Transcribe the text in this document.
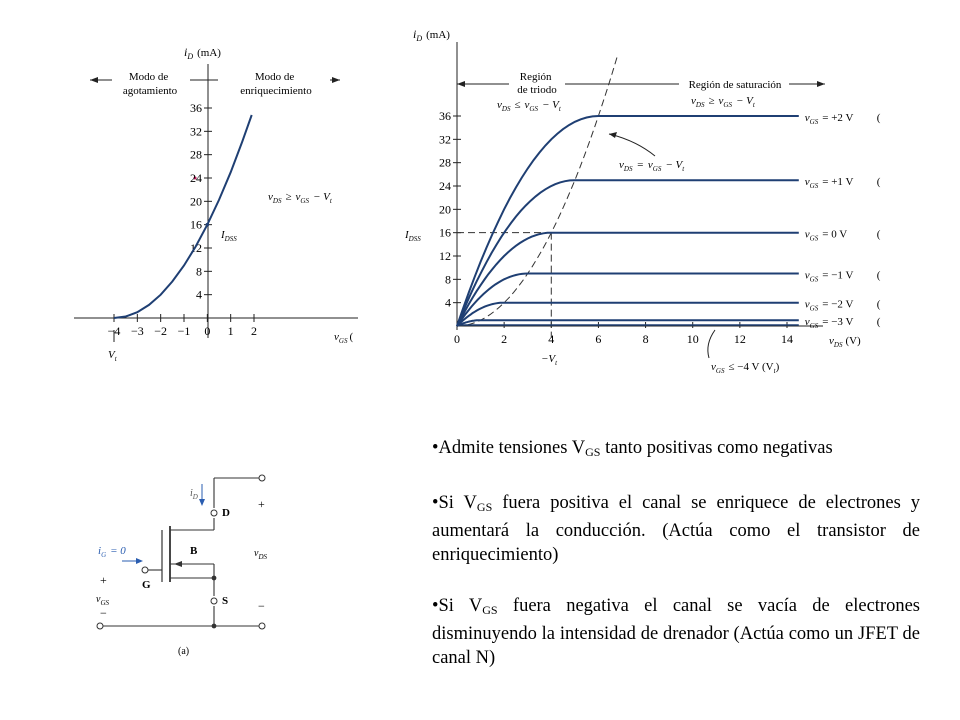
$i_D$ (mA)
$v_{GS}$ (
Modo de agotamiento
Modo de enriquecimiento
$v_{DS} \ge v_{GS} - V_t$
$I_{DSS}$
$V_t$
−4 −3 −2 −1 0 1 2
4
8
12
16
20
24
28
32
36
$i_D$ (mA)
$v_{DS}$ (V)
Región de triodo	Región de saturación
$v_{DS} \le v_{GS} - V_t$
$v_{DS} \ge v_{GS} - V_t$
$v_{DS} = v_{GS} - V_t$
$I_{DSS}$
$-V_t$	$v_{GS} \le -4$ V $(V_t)$
0	2	4	6	8	10	12	14
4
8
12
16
20
24
28
32
36	$v_{GS} = +2$ V (
$v_{GS} = +1$ V (
$v_{GS} = 0$ V	(
$v_{GS} = -1$ V (
$v_{GS} = -2$ V (
$v_{GS} = -3$ V (
$i_D$
D
B
G
S
$i_G = 0$
+
$v_{DS}$
−
+
$v_{GS}$
−
(a)

•Admite tensiones $V_{GS}$ tanto positivas como negativas

•Si $V_{GS}$ fuera positiva el canal se enriquece de electrones y aumentará la conducción. (Actúa como el transistor de enriquecimiento)

•Si $V_{GS}$ fuera negativa el canal se vacía de electrones disminuyendo la intensidad de drenador (Actúa como un JFET de canal N)
